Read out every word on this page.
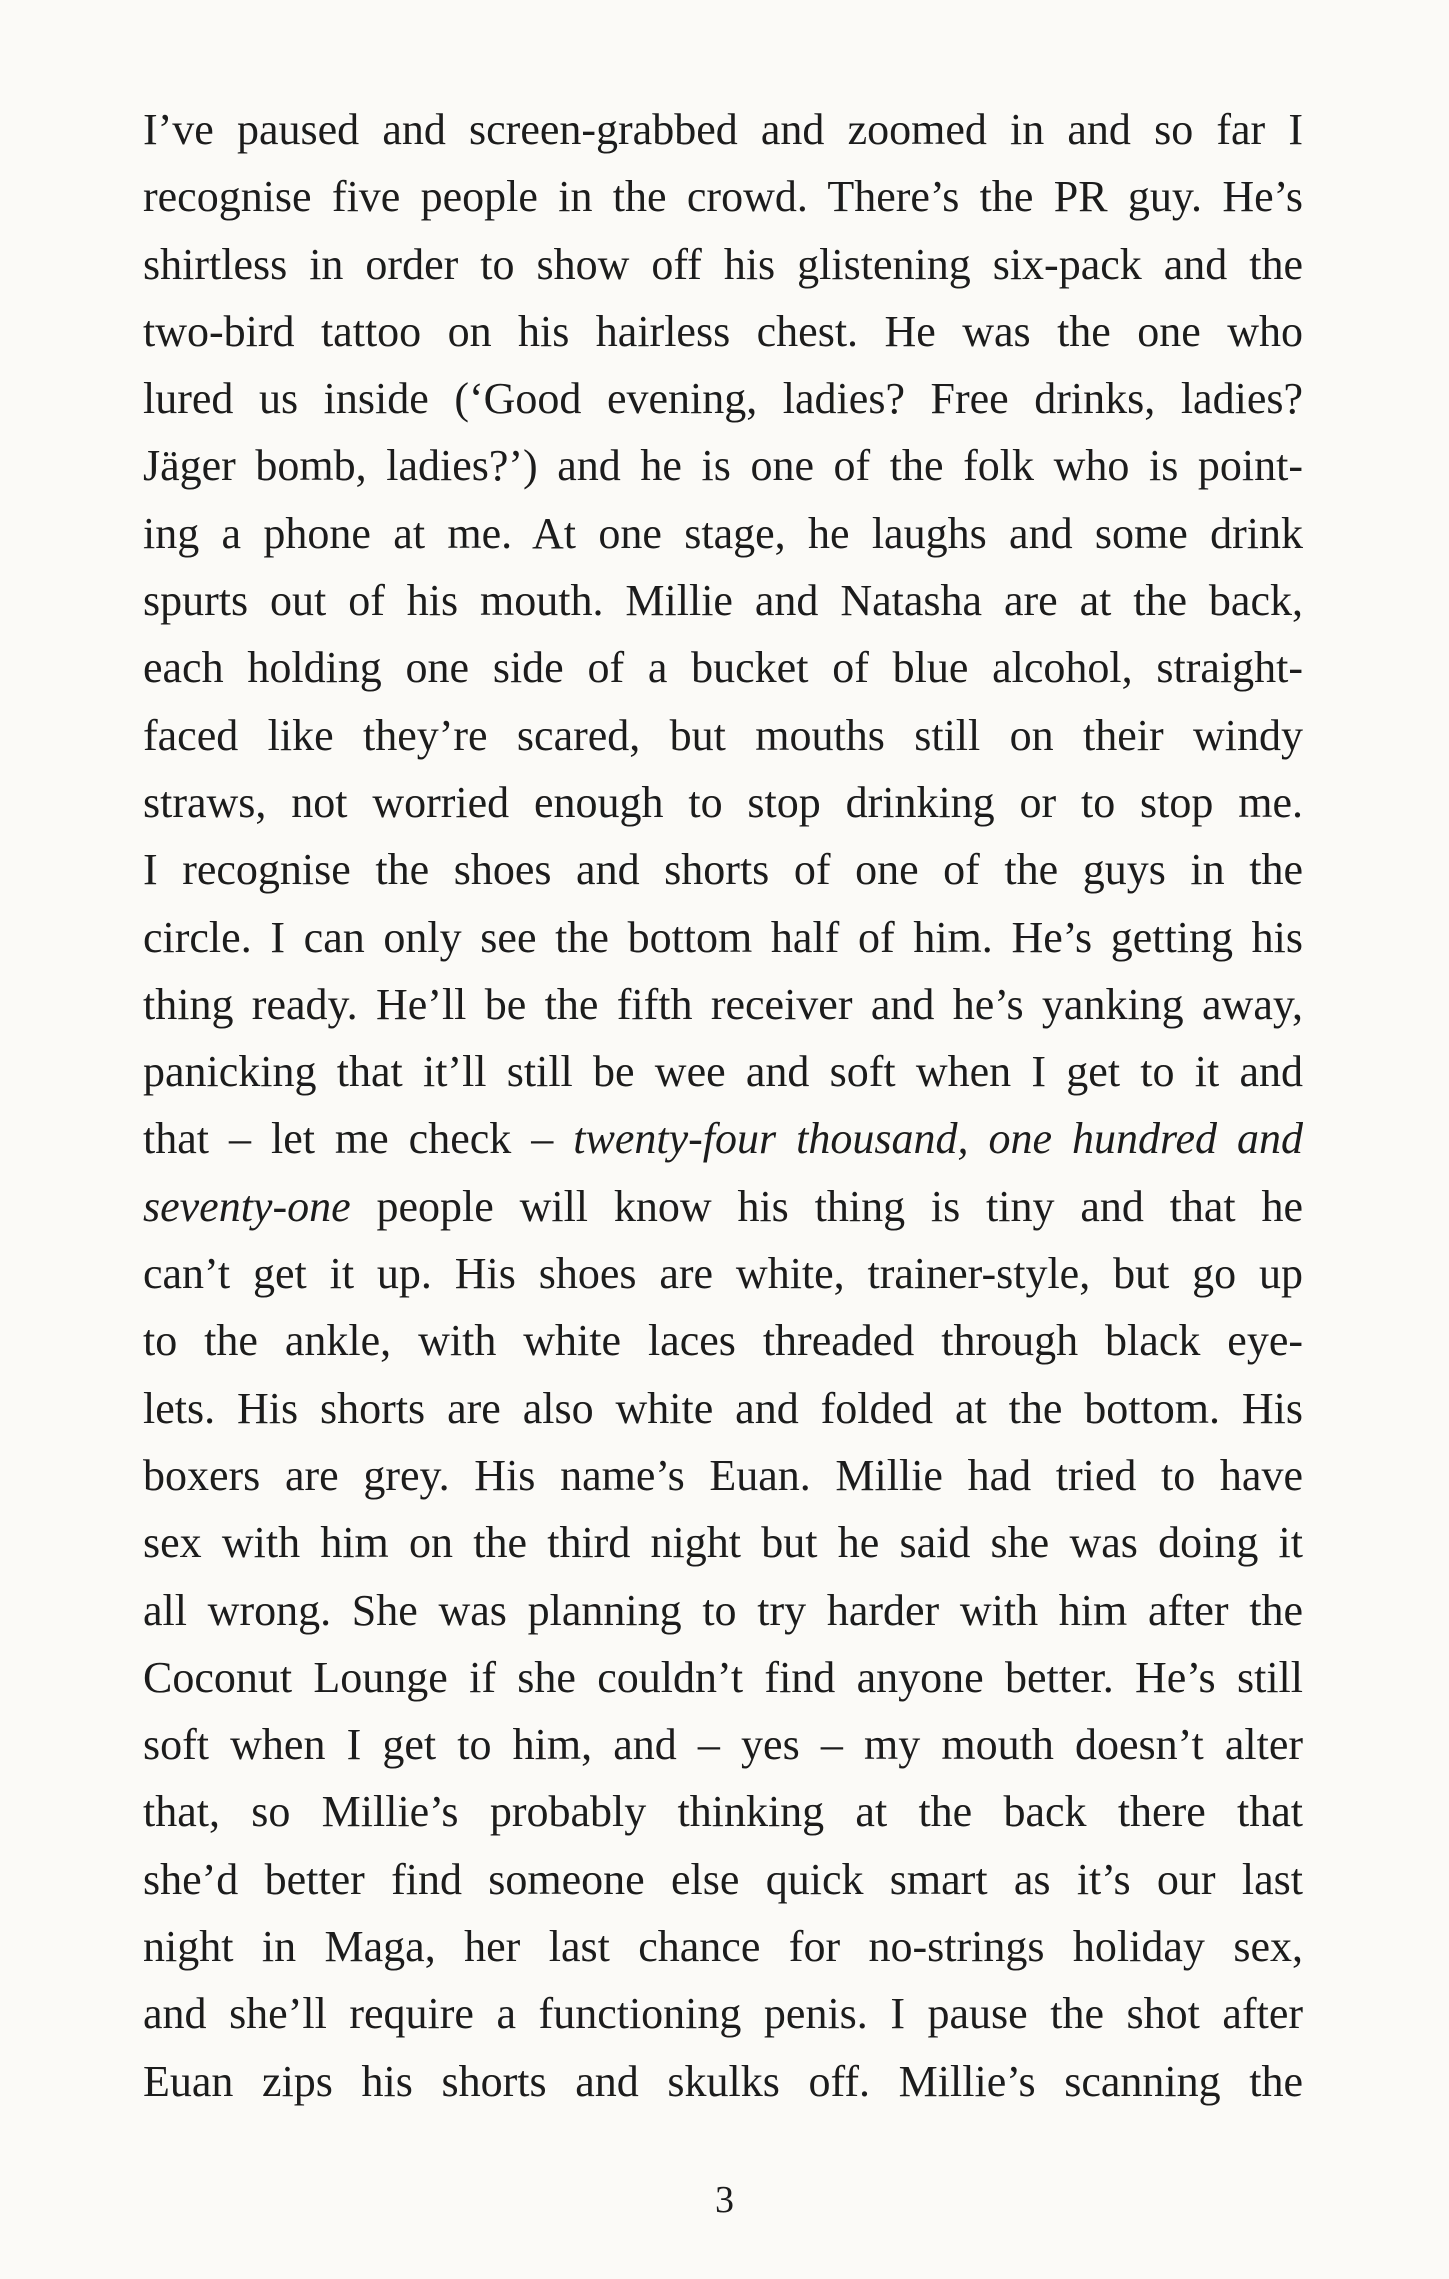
I’ve paused and screen-grabbed and zoomed in and so far I
recognise five people in the crowd. There’s the PR guy. He’s
shirtless in order to show off his glistening six-pack and the
two-bird tattoo on his hairless chest. He was the one who
lured us inside (‘Good evening, ladies? Free drinks, ladies?
Jäger bomb, ladies?’) and he is one of the folk who is point-
ing a phone at me. At one stage, he laughs and some drink
spurts out of his mouth. Millie and Natasha are at the back,
each holding one side of a bucket of blue alcohol, straight-
faced like they’re scared, but mouths still on their windy
straws, not worried enough to stop drinking or to stop me.
I recognise the shoes and shorts of one of the guys in the
circle. I can only see the bottom half of him. He’s getting his
thing ready. He’ll be the fifth receiver and he’s yanking away,
panicking that it’ll still be wee and soft when I get to it and
that – let me check – twenty-four thousand, one hundred and
seventy-one people will know his thing is tiny and that he
can’t get it up. His shoes are white, trainer-style, but go up
to the ankle, with white laces threaded through black eye-
lets. His shorts are also white and folded at the bottom. His
boxers are grey. His name’s Euan. Millie had tried to have
sex with him on the third night but he said she was doing it
all wrong. She was planning to try harder with him after the
Coconut Lounge if she couldn’t find anyone better. He’s still
soft when I get to him, and – yes – my mouth doesn’t alter
that, so Millie’s probably thinking at the back there that
she’d better find someone else quick smart as it’s our last
night in Maga, her last chance for no-strings holiday sex,
and she’ll require a functioning penis. I pause the shot after
Euan zips his shorts and skulks off. Millie’s scanning the
3
